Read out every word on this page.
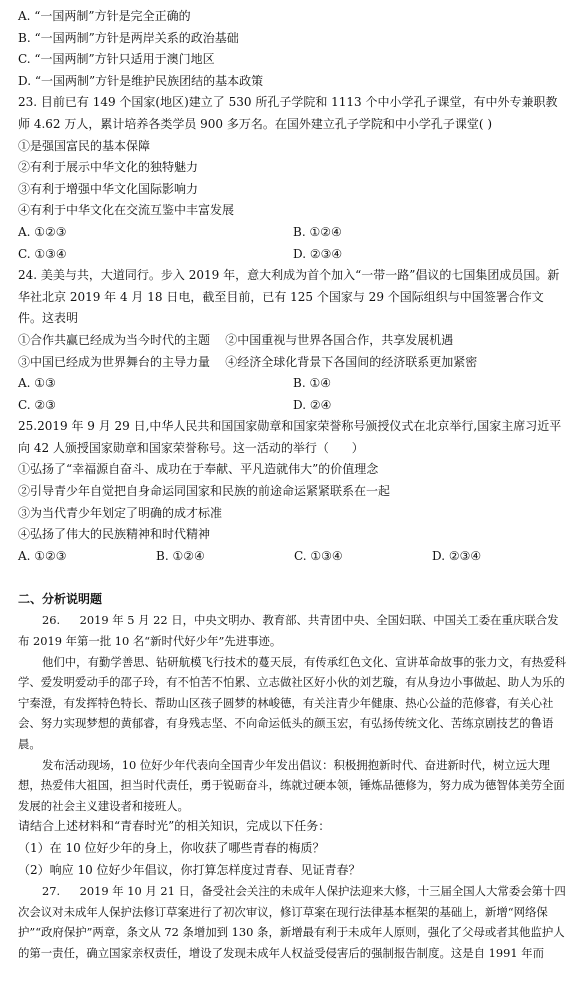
A. “一国两制”方针是完全正确的
B. “一国两制”方针是两岸关系的政治基础
C. “一国两制”方针只适用于澳门地区
D. “一国两制”方针是维护民族团结的基本政策
23. 目前已有 149 个国家(地区)建立了 530 所孔子学院和 1113 个中小学孔子课堂，有中外专兼职教师 4.62 万人，累计培养各类学员 900 多万名。在国外建立孔子学院和中小学孔子课堂( )
①是强国富民的基本保障
②有利于展示中华文化的独特魅力
③有利于增强中华文化国际影响力
④有利于中华文化在交流互鉴中丰富发展
A. ①②③	B. ①②④
C. ①③④	D. ②③④
24. 美美与共，大道同行。步入 2019 年，意大利成为首个加入“一带一路”倡议的七国集团成员国。新华社北京 2019 年 4 月 18 日电，截至目前，已有 125 个国家与 29 个国际组织与中国签署合作文件。这表明
①合作共赢已经成为当今时代的主题    ②中国重视与世界各国合作，共享发展机遇
③中国已经成为世界舞台的主导力量    ④经济全球化背景下各国间的经济联系更加紧密
A. ①③	B. ①④
C. ②③	D. ②④
25.2019 年 9 月 29 日,中华人民共和国国家勋章和国家荣誉称号颁授仪式在北京举行,国家主席习近平向 42 人颁授国家勋章和国家荣誉称号。这一活动的举行（      ）
①弘扬了“幸福源自奋斗、成功在于奉献、平凡造就伟大”的价值理念
②引导青少年自觉把自身命运同国家和民族的前途命运紧紧联系在一起
③为当代青少年划定了明确的成才标准
④弘扬了伟大的民族精神和时代精神
A. ①②③	B. ①②④	C. ①③④	D. ②③④
二、分析说明题
26. 2019 年 5 月 22 日，中央文明办、教育部、共青团中央、全国妇联、中国关工委在重庆联合发布 2019 年第一批 10 名“新时代好少年”先进事迹。
他们中，有勤学善思、钻研航模飞行技术的蔓天辰，有传承红色文化、宣讲革命故事的张力文，有热爱科学、爱发明爱动手的邵子玲，有不怕苦不怕累、立志做社区好小伙的刘艺璇，有从身边小事做起、助人为乐的宁秦澄，有发挥特色特长、帮助山区孩子圆梦的林峻德，有关注青少年健康、热心公益的范修睿，有关心社会、努力实现梦想的黄郁睿，有身残志坚、不向命运低头的颜玉宏，有弘扬传统文化、苦练京剧技艺的鲁语晨。
发布活动现场，10 位好少年代表向全国青少年发出倡议：积极拥抱新时代、奋进新时代，树立远大理想，热爱伟大祖国，担当时代责任，勇于锐砺奋斗，练就过硬本领，锤炼品德修为，努力成为德智体美劳全面发展的社会主义建设者和接班人。
请结合上述材料和“青春时光”的相关知识，完成以下任务：
（1）在 10 位好少年的身上，你收获了哪些青春的梅质？
（2）响应 10 位好少年倡议，你打算怎样度过青春、见证青春？
27. 2019 年 10 月 21 日，备受社会关注的未成年人保护法迎来大修，十三届全国人大常委会第十四次会议对未成年人保护法修订草案进行了初次审议，修订草案在现行法律基本框架的基础上，新增“网络保护”“政府保护”两章，条文从 72 条增加到 130 条，新增最有利于未成年人原则，强化了父母或者其他监护人的第一责任，确立国家亲权责任，增设了发现未成年人权益受侵害后的强制报告制度。这是自 1991 年而
